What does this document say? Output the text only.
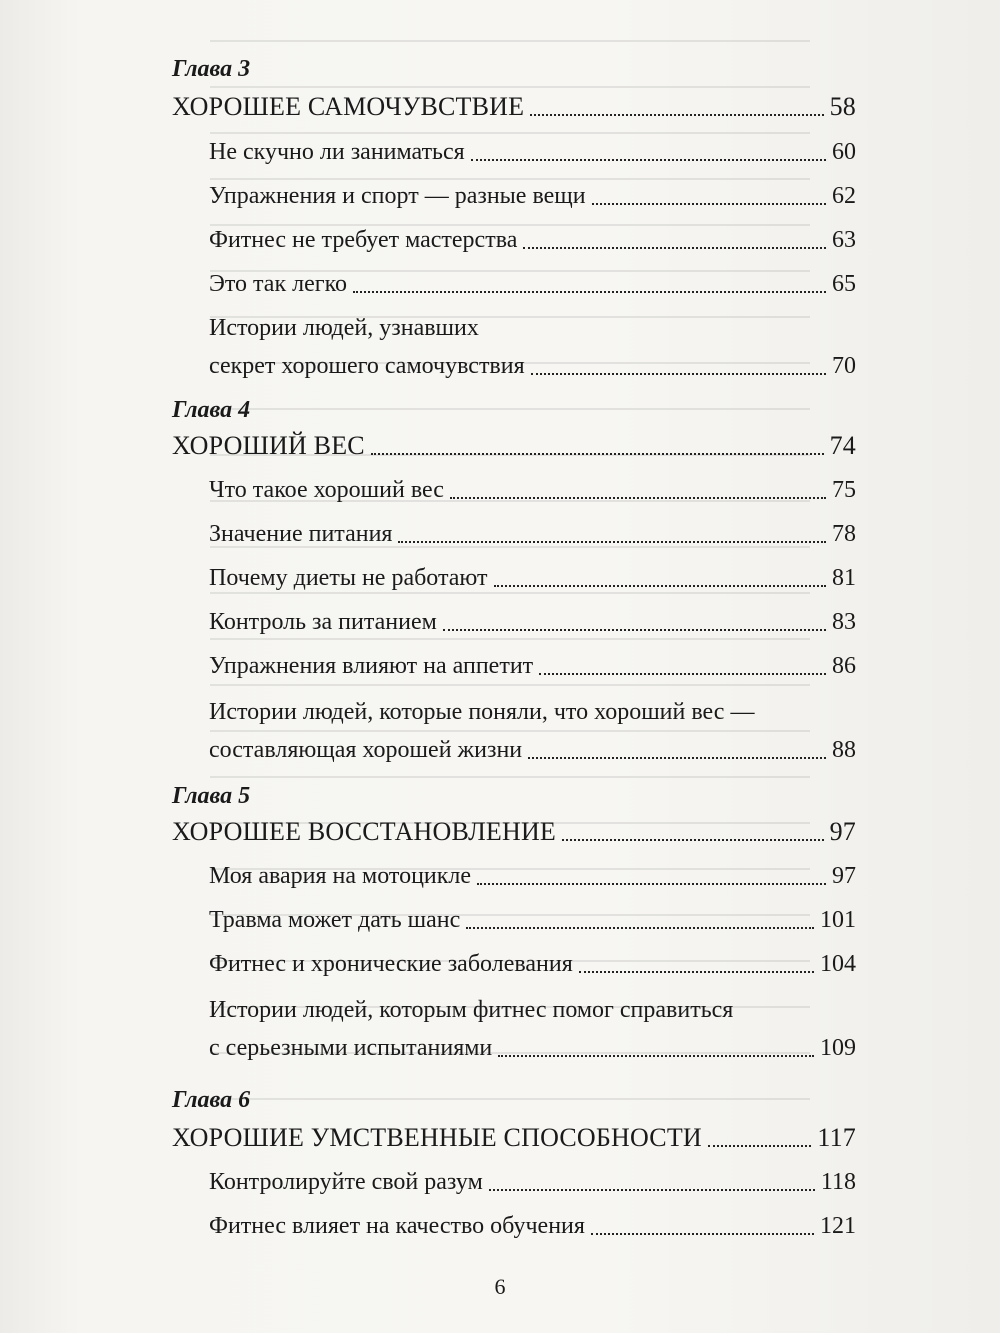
Глава 3
ХОРОШЕЕ САМОЧУВСТВИЕ	58
Не скучно ли заниматься	60
Упражнения и спорт — разные вещи	62
Фитнес не требует мастерства	63
Это так легко	65
Истории людей, узнавших
секрет хорошего самочувствия	70
Глава 4
ХОРОШИЙ ВЕС	74
Что такое хороший вес	75
Значение питания	78
Почему диеты не работают	81
Контроль за питанием	83
Упражнения влияют на аппетит	86
Истории людей, которые поняли, что хороший вес —
составляющая хорошей жизни	88
Глава 5
ХОРОШЕЕ ВОССТАНОВЛЕНИЕ	97
Моя авария на мотоцикле	97
Травма может дать шанс	101
Фитнес и хронические заболевания	104
Истории людей, которым фитнес помог справиться
с серьезными испытаниями	109
Глава 6
ХОРОШИЕ УМСТВЕННЫЕ СПОСОБНОСТИ	117
Контролируйте свой разум	118
Фитнес влияет на качество обучения	121
6
